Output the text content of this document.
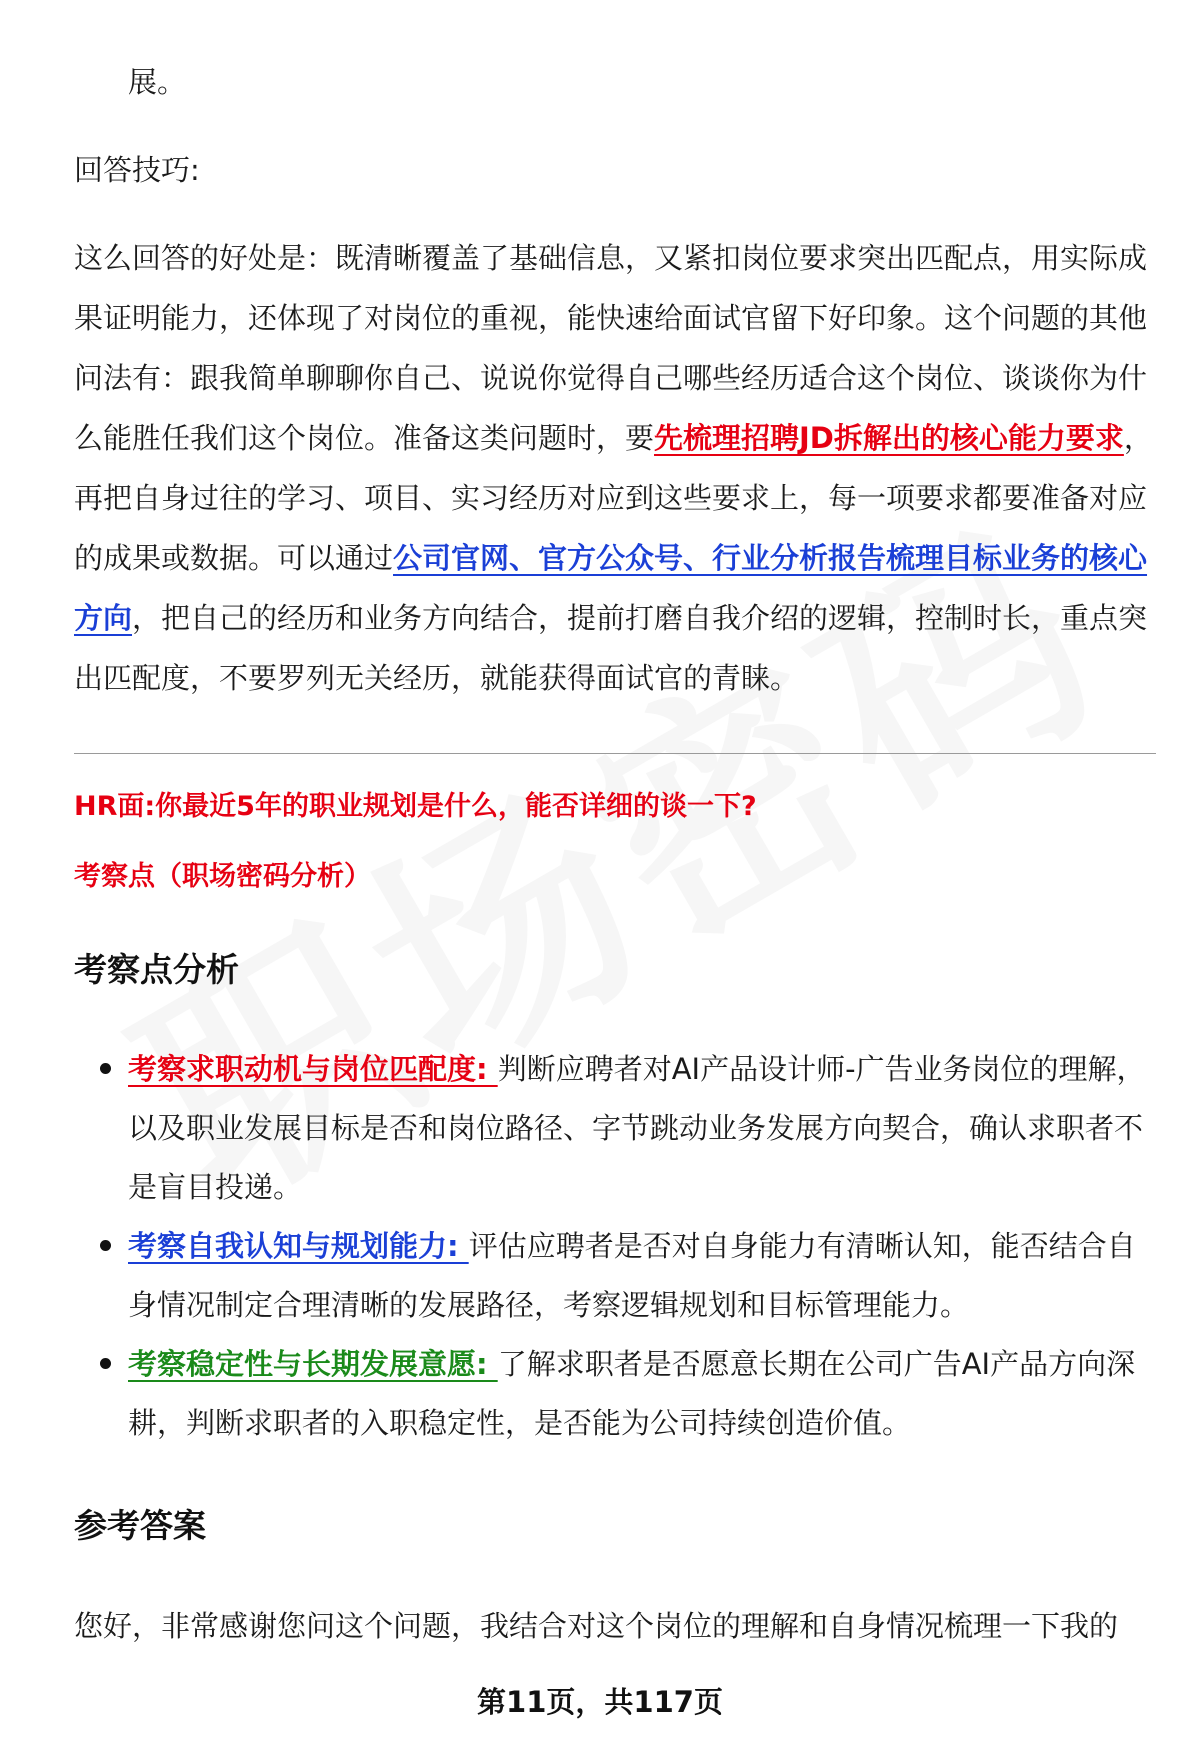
展。

回答技巧:

这么回答的好处是：既清晰覆盖了基础信息，又紧扣岗位要求突出匹配点，用实际成果证明能力，还体现了对岗位的重视，能快速给面试官留下好印象。这个问题的其他问法有：跟我简单聊聊你自己、说说你觉得自己哪些经历适合这个岗位、谈谈你为什么能胜任我们这个岗位。准备这类问题时，要先梳理招聘JD拆解出的核心能力要求，再把自身过往的学习、项目、实习经历对应到这些要求上，每一项要求都要准备对应的成果或数据。可以通过公司官网、官方公众号、行业分析报告梳理目标业务的核心方向，把自己的经历和业务方向结合，提前打磨自我介绍的逻辑，控制时长，重点突出匹配度，不要罗列无关经历，就能获得面试官的青睐。

HR面:你最近5年的职业规划是什么，能否详细的谈一下?

考察点（职场密码分析）

考察点分析
考察求职动机与岗位匹配度: 判断应聘者对AI产品设计师-广告业务岗位的理解，以及职业发展目标是否和岗位路径、字节跳动业务发展方向契合，确认求职者不是盲目投递。
考察自我认知与规划能力: 评估应聘者是否对自身能力有清晰认知，能否结合自身情况制定合理清晰的发展路径，考察逻辑规划和目标管理能力。
考察稳定性与长期发展意愿: 了解求职者是否愿意长期在公司广告AI产品方向深耕，判断求职者的入职稳定性，是否能为公司持续创造价值。
参考答案

您好，非常感谢您问这个问题，我结合对这个岗位的理解和自身情况梳理一下我的

第11页，共117页
